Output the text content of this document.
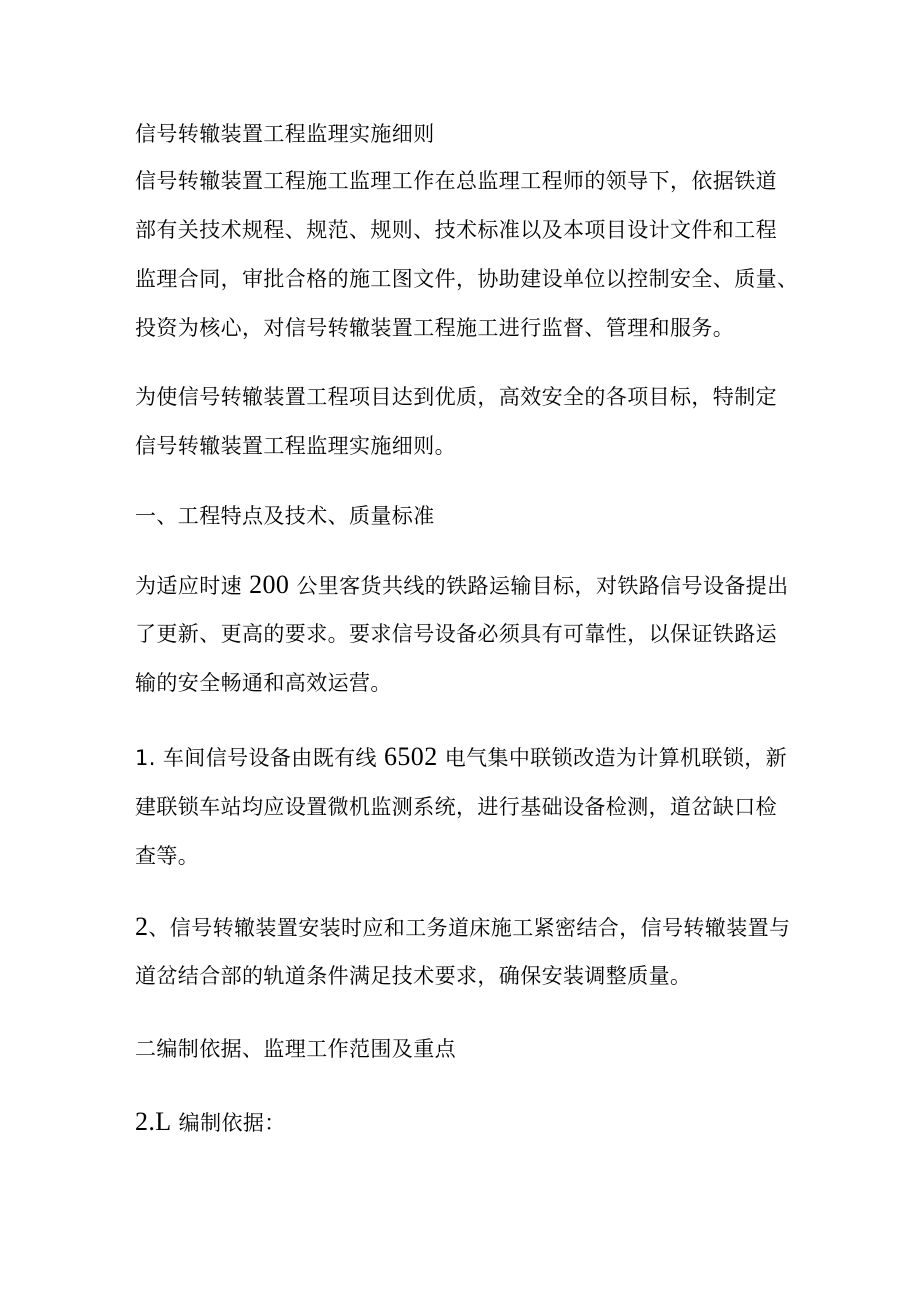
信号转辙装置工程监理实施细则
信号转辙装置工程施工监理工作在总监理工程师的领导下，依据铁道
部有关技术规程、规范、规则、技术标准以及本项目设计文件和工程
监理合同，审批合格的施工图文件，协助建设单位以控制安全、质量、
投资为核心，对信号转辙装置工程施工进行监督、管理和服务。
为使信号转辙装置工程项目达到优质，高效安全的各项目标，特制定
信号转辙装置工程监理实施细则。
一、工程特点及技术、质量标准
为适应时速 200 公里客货共线的铁路运输目标，对铁路信号设备提出
了更新、更高的要求。要求信号设备必须具有可靠性，以保证铁路运
输的安全畅通和高效运营。
1. 车间信号设备由既有线 6502 电气集中联锁改造为计算机联锁，新
建联锁车站均应设置微机监测系统，进行基础设备检测，道岔缺口检
查等。
2、信号转辙装置安装时应和工务道床施工紧密结合，信号转辙装置与
道岔结合部的轨道条件满足技术要求，确保安装调整质量。
二编制依据、监理工作范围及重点
2.L 编制依据：
